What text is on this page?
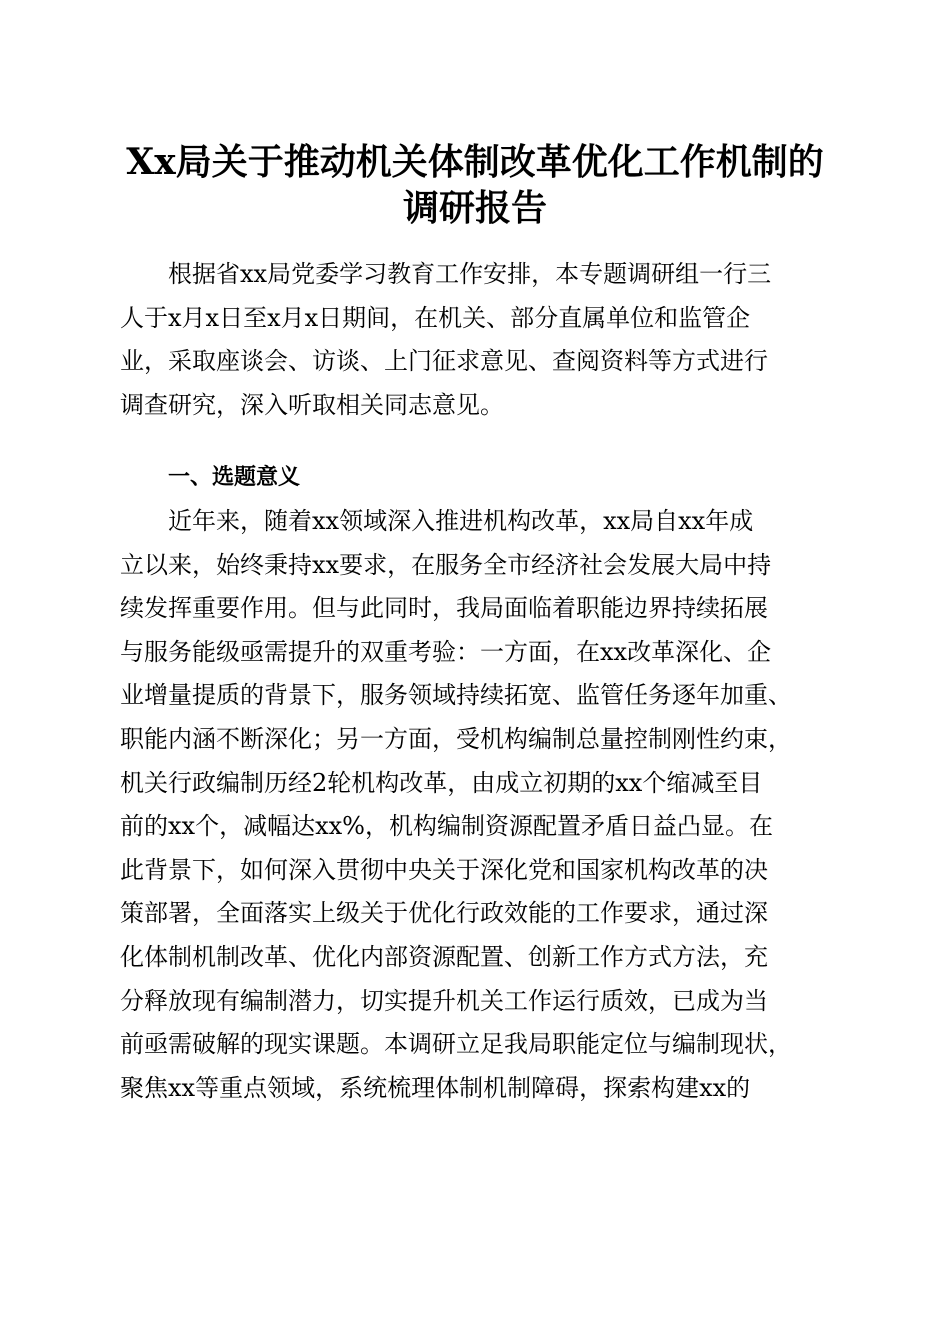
Xx局关于推动机关体制改革优化工作机制的
调研报告
根据省xx局党委学习教育工作安排，本专题调研组一行三
人于x月x日至x月x日期间，在机关、部分直属单位和监管企
业，采取座谈会、访谈、上门征求意见、查阅资料等方式进行
调查研究，深入听取相关同志意见。
一、选题意义
近年来，随着xx领域深入推进机构改革，xx局自xx年成
立以来，始终秉持xx要求，在服务全市经济社会发展大局中持
续发挥重要作用。但与此同时，我局面临着职能边界持续拓展
与服务能级亟需提升的双重考验：一方面，在xx改革深化、企
业增量提质的背景下，服务领域持续拓宽、监管任务逐年加重、
职能内涵不断深化；另一方面，受机构编制总量控制刚性约束，
机关行政编制历经2轮机构改革，由成立初期的xx个缩减至目
前的xx个，减幅达xx%，机构编制资源配置矛盾日益凸显。在
此背景下，如何深入贯彻中央关于深化党和国家机构改革的决
策部署，全面落实上级关于优化行政效能的工作要求，通过深
化体制机制改革、优化内部资源配置、创新工作方式方法，充
分释放现有编制潜力，切实提升机关工作运行质效，已成为当
前亟需破解的现实课题。本调研立足我局职能定位与编制现状，
聚焦xx等重点领域，系统梳理体制机制障碍，探索构建xx的
